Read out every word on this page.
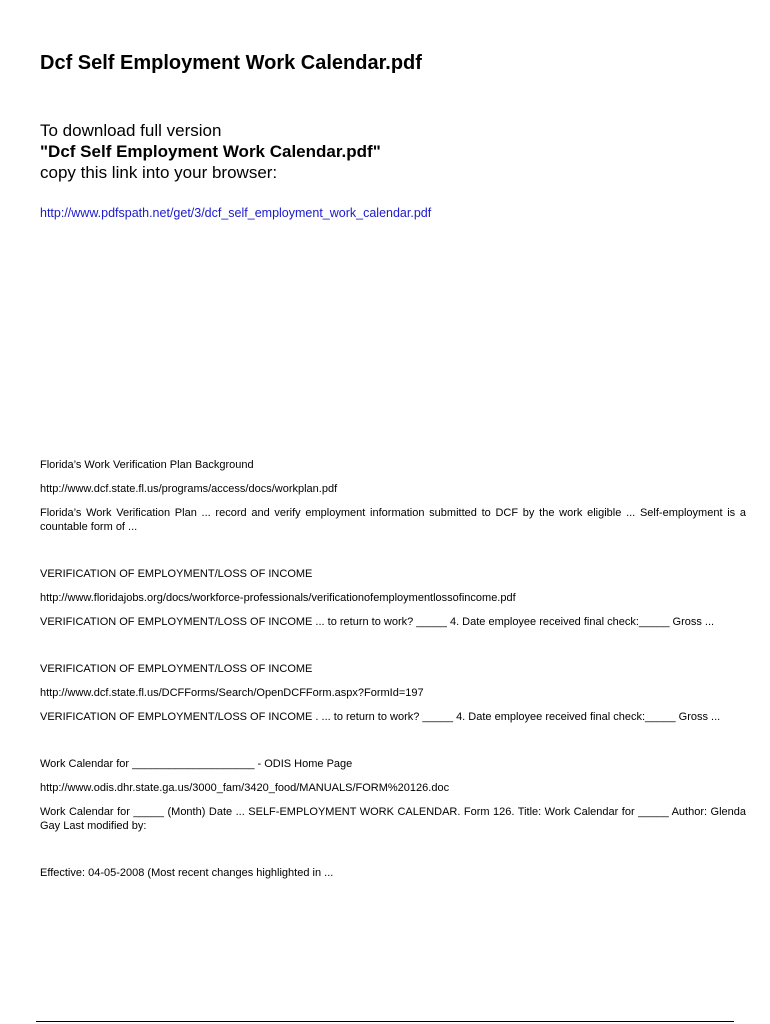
Dcf Self Employment Work Calendar.pdf
To download full version
"Dcf Self Employment Work Calendar.pdf"
copy this link into your browser:
http://www.pdfspath.net/get/3/dcf_self_employment_work_calendar.pdf

Florida’s Work Verification Plan Background

http://www.dcf.state.fl.us/programs/access/docs/workplan.pdf

Florida’s Work Verification Plan ... record and verify employment information submitted to DCF by the work eligible ... Self-employment is a countable form of ...

VERIFICATION OF EMPLOYMENT/LOSS OF INCOME

http://www.floridajobs.org/docs/workforce-professionals/verificationofemploymentlossofincome.pdf

VERIFICATION OF EMPLOYMENT/LOSS OF INCOME ... to return to work? _____ 4. Date employee received final check:_____ Gross ...

VERIFICATION OF EMPLOYMENT/LOSS OF INCOME

http://www.dcf.state.fl.us/DCFForms/Search/OpenDCFForm.aspx?FormId=197

VERIFICATION OF EMPLOYMENT/LOSS OF INCOME . ... to return to work? _____ 4. Date employee received final check:_____ Gross ...

Work Calendar for ____________________ - ODIS Home Page

http://www.odis.dhr.state.ga.us/3000_fam/3420_food/MANUALS/FORM%20126.doc

Work Calendar for _____ (Month) Date ... SELF-EMPLOYMENT WORK CALENDAR. Form 126. Title: Work Calendar for _____ Author: Glenda Gay Last modified by:

Effective: 04-05-2008 (Most recent changes highlighted in ...
